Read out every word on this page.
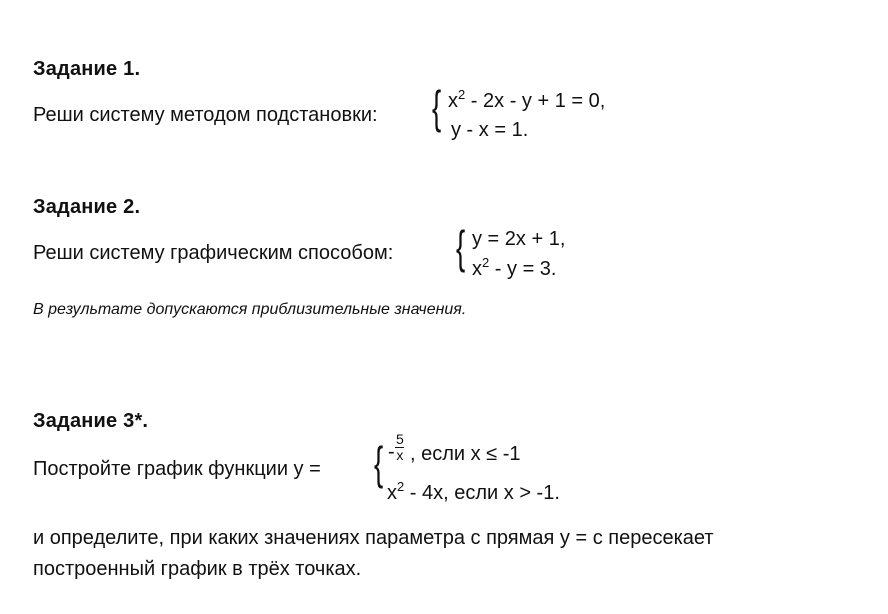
Задание 1.
Реши систему методом подстановки: { $x^2 - 2x - y + 1 = 0$,
y - x = 1.
Задание 2.
Реши систему графическим способом: { y = 2x + 1,
$x^2 - y = 3$.
В результате допускаются приблизительные значения.
Задание 3*.
Постройте график функции y = { - $\frac{5}{x}$ , если x ≤ -1
$x^2 - 4x$, если x > -1.
и определите, при каких значениях параметра c прямая y = c пересекает
построенный график в трёх точках.
